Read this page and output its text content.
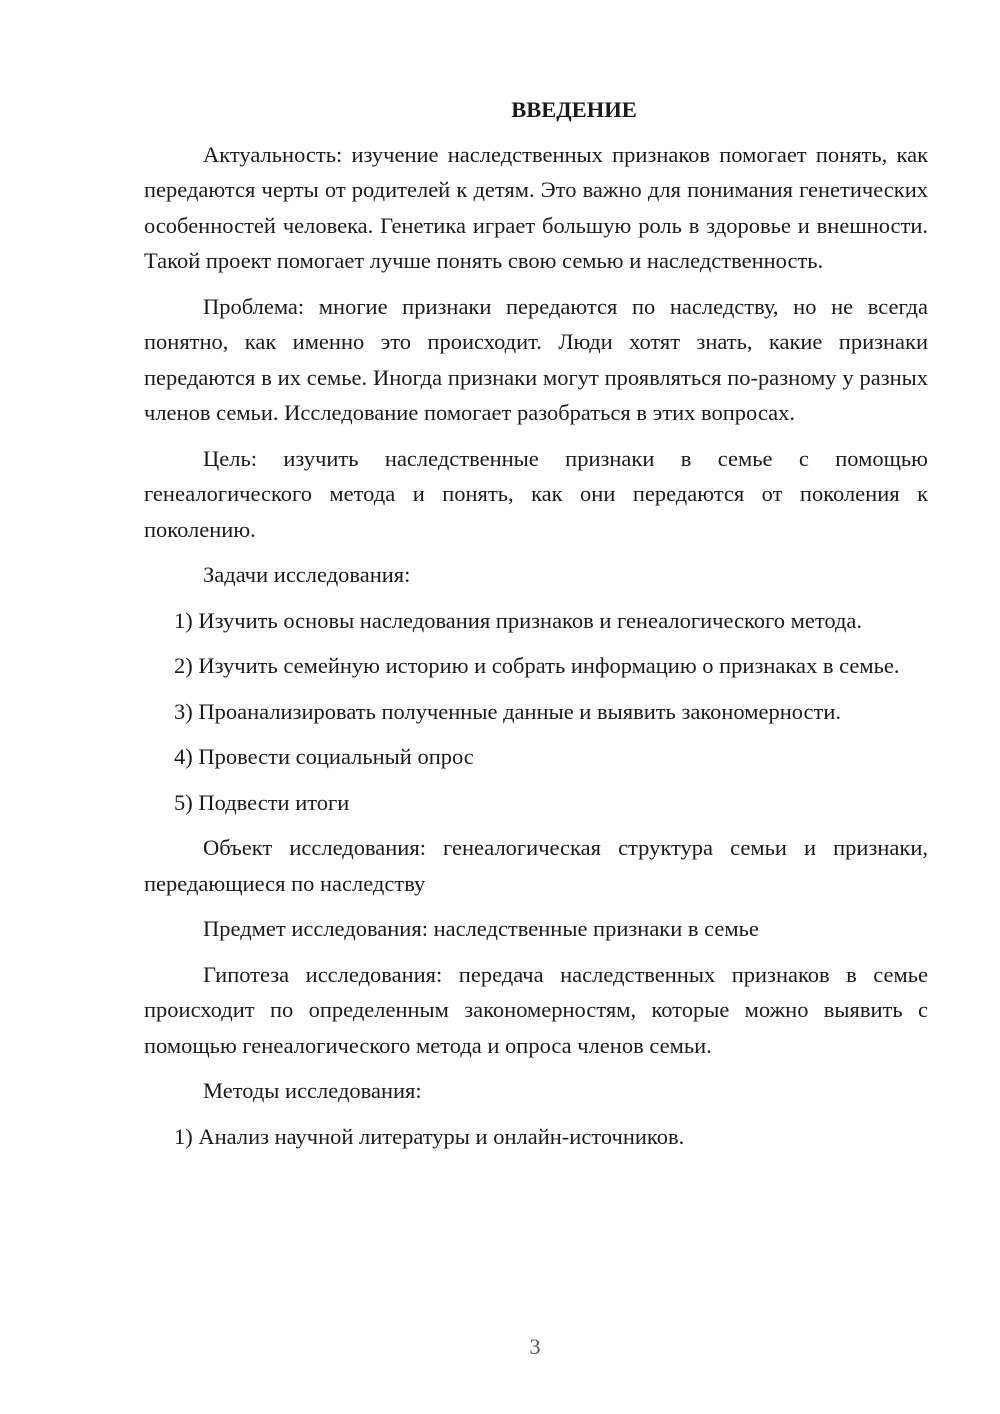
ВВЕДЕНИЕ

Актуальность: изучение наследственных признаков помогает понять, как передаются черты от родителей к детям. Это важно для понимания генетических особенностей человека. Генетика играет большую роль в здоровье и внешности. Такой проект помогает лучше понять свою семью и наследственность.

Проблема: многие признаки передаются по наследству, но не всегда понятно, как именно это происходит. Люди хотят знать, какие признаки передаются в их семье. Иногда признаки могут проявляться по-разному у разных членов семьи. Исследование помогает разобраться в этих вопросах.

Цель: изучить наследственные признаки в семье с помощью генеалогического метода и понять, как они передаются от поколения к поколению.

Задачи исследования:

1) Изучить основы наследования признаков и генеалогического метода.

2) Изучить семейную историю и собрать информацию о признаках в семье.

3) Проанализировать полученные данные и выявить закономерности.

4) Провести социальный опрос

5) Подвести итоги

Объект исследования: генеалогическая структура семьи и признаки, передающиеся по наследству

Предмет исследования: наследственные признаки в семье

Гипотеза исследования: передача наследственных признаков в семье происходит по определенным закономерностям, которые можно выявить с помощью генеалогического метода и опроса членов семьи.

Методы исследования:

1) Анализ научной литературы и онлайн-источников.

3
